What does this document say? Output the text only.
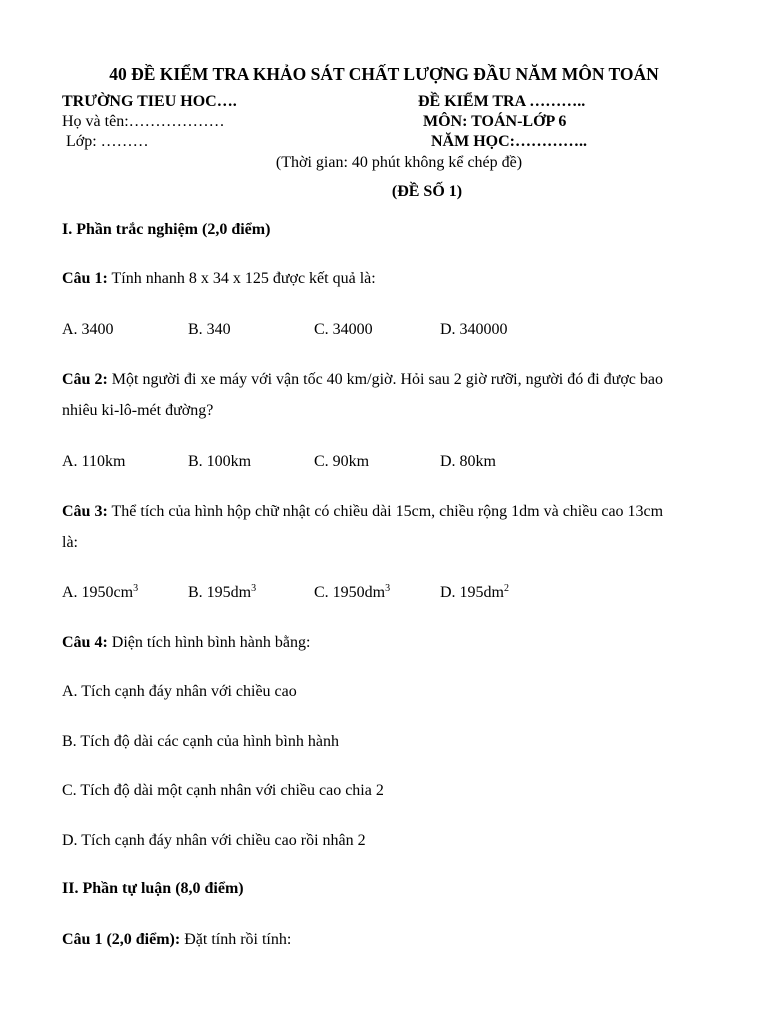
40 ĐỀ KIỂM TRA KHẢO SÁT CHẤT LƯỢNG ĐẦU NĂM MÔN TOÁN
TRƯỜNG TIEU HOC….	ĐỀ KIỂM TRA ………..
Họ và tên:………………	MÔN: TOÁN-LỚP 6
Lớp: ………	NĂM HỌC:…………..
(Thời gian: 40 phút không kể chép đề)
(ĐỀ SỐ 1)
I. Phần trắc nghiệm (2,0 điểm)
Câu 1: Tính nhanh 8 x 34 x 125 được kết quả là:
A. 3400	B. 340	C. 34000	D. 340000
Câu 2: Một người đi xe máy với vận tốc 40 km/giờ. Hỏi sau 2 giờ rưỡi, người đó đi được bao
nhiêu ki-lô-mét đường?
A. 110km	B. 100km	C. 90km	D. 80km
Câu 3: Thể tích của hình hộp chữ nhật có chiều dài 15cm, chiều rộng 1dm và chiều cao 13cm
là:
A. $1950cm^3$	B. $195dm^3$	C. $1950dm^3$	D. $195dm^2$
Câu 4: Diện tích hình bình hành bằng:
A. Tích cạnh đáy nhân với chiều cao
B. Tích độ dài các cạnh của hình bình hành
C. Tích độ dài một cạnh nhân với chiều cao chia 2
D. Tích cạnh đáy nhân với chiều cao rồi nhân 2
II. Phần tự luận (8,0 điểm)
Câu 1 (2,0 điểm): Đặt tính rồi tính:
